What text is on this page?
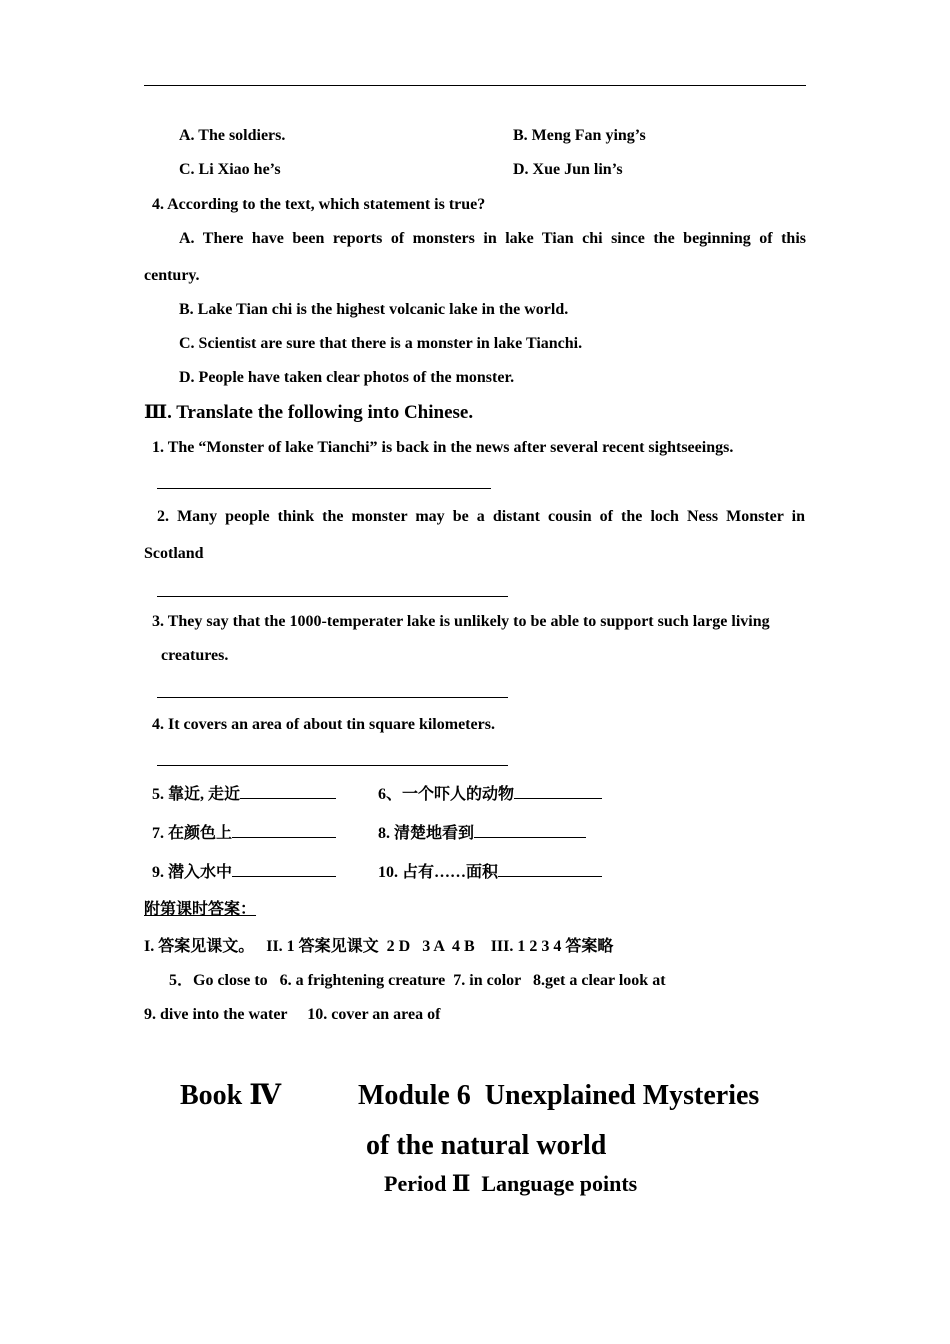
A. The soldiers.	B. Meng Fan ying’s
C. Li Xiao he’s	D. Xue Jun lin’s
4. According to the text, which statement is true?
A. There have been reports of monsters in lake Tian chi since the beginning of this
century.
B. Lake Tian chi is the highest volcanic lake in the world.
C. Scientist are sure that there is a monster in lake Tianchi.
D. People have taken clear photos of the monster.
Ⅲ. Translate the following into Chinese.
1. The “Monster of lake Tianchi” is back in the news after several recent sightseeings.
2. Many people think the monster may be a distant cousin of the loch Ness Monster in
Scotland
3. They say that the 1000-temperater lake is unlikely to be able to support such large living
creatures.
4. It covers an area of about tin square kilometers.
5. 靠近, 走近	6、一个吓人的动物
7. 在颜色上	8. 清楚地看到
9. 潜入水中	10. 占有……面积
附第课时答案：
I. 答案见课文。   II. 1 答案见课文  2 D   3 A  4 B    III. 1 2 3 4 答案略
5．Go close to   6. a frightening creature  7. in color   8.get a clear look at
9. dive into the water     10. cover an area of
Book Ⅳ	Module 6  Unexplained Mysteries
of the natural world
Period Ⅱ  Language points
